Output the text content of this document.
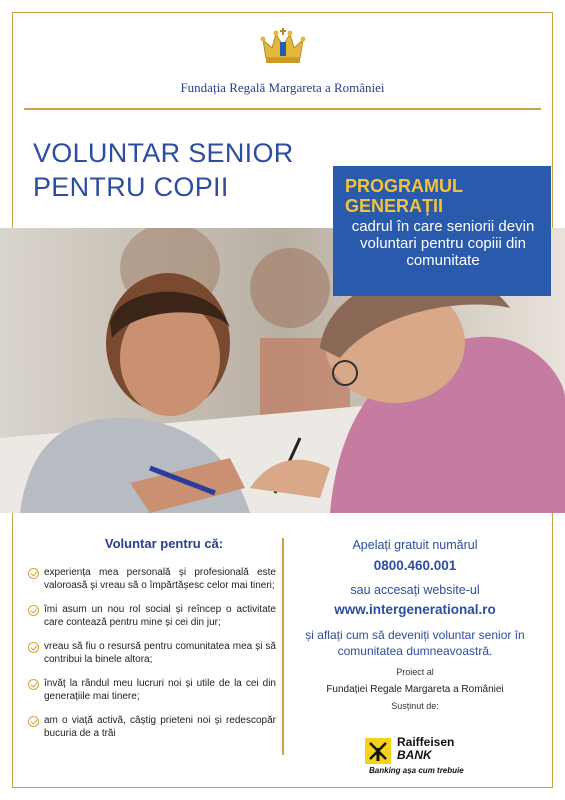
Fundația Regală Margareta a României
VOLUNTAR SENIOR
PENTRU COPII	PROGRAMUL
GENERAȚII
cadrul în care seniorii devin voluntari pentru copiii din comunitate
Voluntar pentru că:
experiența mea personală și profesională este valoroasă și vreau să o împărtășesc celor mai tineri;
îmi asum un nou rol social și reîncep o activitate care contează pentru mine și cei din jur;
vreau să fiu o resursă pentru comunitatea mea și să contribui la binele altora;
învăț la rândul meu lucruri noi și utile de la cei din generațiile mai tinere;
am o viață activă, câștig prieteni noi și redescopăr bucuria de a trăi
Apelați gratuit numărul
0800.460.001
sau accesați website-ul
www.intergenerational.ro
și aflați cum să deveniți voluntar senior în comunitatea dumneavoastră.
Proiect al
Fundației Regale Margareta a României
Susținut de:
Raiffeisen
BANK
Banking așa cum trebuie
